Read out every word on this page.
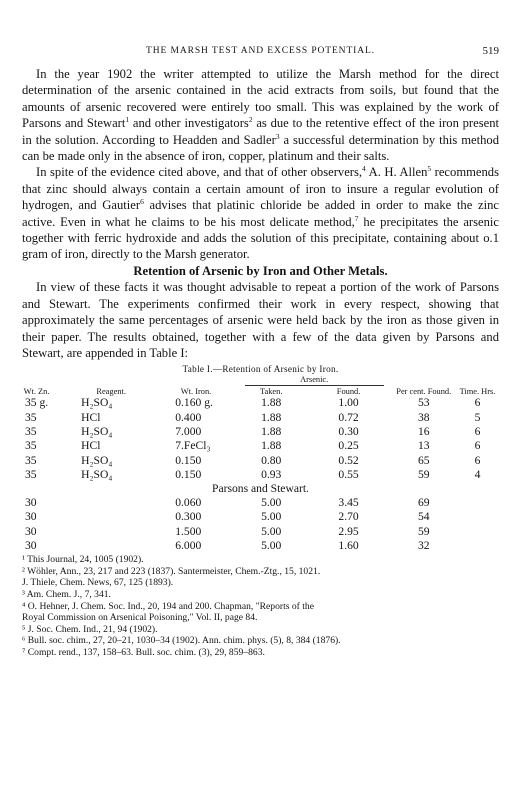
THE MARSH TEST AND EXCESS POTENTIAL.	519

In the year 1902 the writer attempted to utilize the Marsh method for the direct determination of the arsenic contained in the acid extracts from soils, but found that the amounts of arsenic recovered were entirely too small. This was explained by the work of Parsons and Stewart$^1$ and other investigators$^2$ as due to the retentive effect of the iron present in the solution. According to Headden and Sadler$^3$ a successful determination by this method can be made only in the absence of iron, copper, platinum and their salts.

In spite of the evidence cited above, and that of other observers,$^4$ A. H. Allen$^5$ recommends that zinc should always contain a certain amount of iron to insure a regular evolution of hydrogen, and Gautier$^6$ advises that platinic chloride be added in order to make the zinc active. Even in what he claims to be his most delicate method,$^7$ he precipitates the arsenic together with ferric hydroxide and adds the solution of this precipitate, containing about o.1 gram of iron, directly to the Marsh generator.

Retention of Arsenic by Iron and Other Metals.

In view of these facts it was thought advisable to repeat a portion of the work of Parsons and Stewart. The experiments confirmed their work in every respect, showing that approximately the same percentages of arsenic were held back by the iron as those given in their paper. The results obtained, together with a few of the data given by Parsons and Stewart, are appended in Table I:

Table I.—Retention of Arsenic by Iron.

			Arsenic.			

Wt. Zn.	Reagent.	Wt. Iron.	Taken.	Found.	Per cent. Found.	Time. Hrs.
35 g.	H₂SO₄	0.160 g.	1.88	1.00	53	6
35	HCl	0.400	1.88	0.72	38	5
35	H₂SO₄	7.000	1.88	0.30	16	6
35	HCl	7.FeCl₃	1.88	0.25	13	6
35	H₂SO₄	0.150	0.80	0.52	65	6
35	H₂SO₄	0.150	0.93	0.55	59	4
Parsons and Stewart.						
30		0.060	5.00	3.45	69	
30		0.300	5.00	2.70	54	
30		1.500	5.00	2.95	59	
30		6.000	5.00	1.60	32	
¹ This Journal, 24, 1005 (1902).
² Wöhler, Ann., 23, 217 and 223 (1837). Santermeister, Chem.-Ztg., 15, 1021.
J. Thiele, Chem. News, 67, 125 (1893).
³ Am. Chem. J., 7, 341.
⁴ O. Hehner, J. Chem. Soc. Ind., 20, 194 and 200. Chapman, "Reports of the
Royal Commission on Arsenical Poisoning," Vol. II, page 84.
⁵ J. Soc. Chem. Ind., 21, 94 (1902).
⁶ Bull. soc. chim., 27, 20–21, 1030–34 (1902). Ann. chim. phys. (5), 8, 384 (1876).
⁷ Compt. rend., 137, 158–63. Bull. soc. chim. (3), 29, 859–863.
